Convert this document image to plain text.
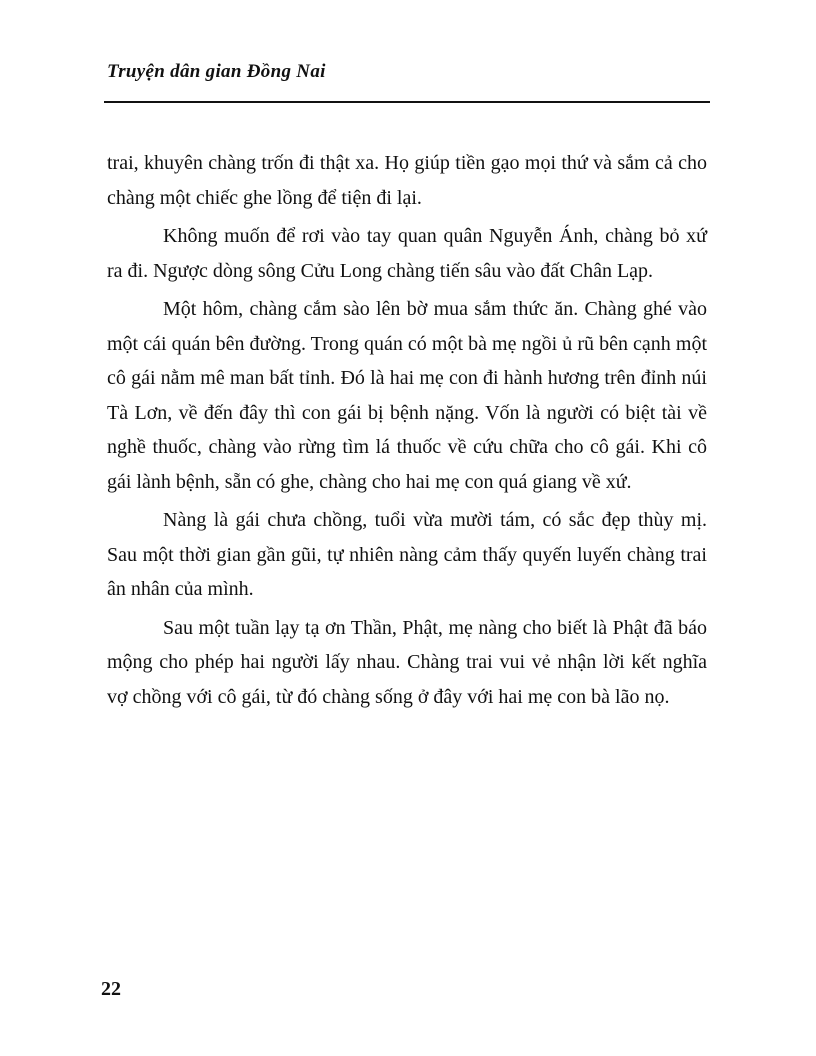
Truyện dân gian Đồng Nai

trai, khuyên chàng trốn đi thật xa. Họ giúp tiền gạo mọi thứ và sắm cả cho chàng một chiếc ghe lồng để tiện đi lại.

Không muốn để rơi vào tay quan quân Nguyễn Ánh, chàng bỏ xứ ra đi. Ngược dòng sông Cửu Long chàng tiến sâu vào đất Chân Lạp.

Một hôm, chàng cắm sào lên bờ mua sắm thức ăn. Chàng ghé vào một cái quán bên đường. Trong quán có một bà mẹ ngồi ủ rũ bên cạnh một cô gái nằm mê man bất tỉnh. Đó là hai mẹ con đi hành hương trên đỉnh núi Tà Lơn, về đến đây thì con gái bị bệnh nặng. Vốn là người có biệt tài về nghề thuốc, chàng vào rừng tìm lá thuốc về cứu chữa cho cô gái. Khi cô gái lành bệnh, sẵn có ghe, chàng cho hai mẹ con quá giang về xứ.

Nàng là gái chưa chồng, tuổi vừa mười tám, có sắc đẹp thùy mị. Sau một thời gian gần gũi, tự nhiên nàng cảm thấy quyến luyến chàng trai ân nhân của mình.

Sau một tuần lạy tạ ơn Thần, Phật, mẹ nàng cho biết là Phật đã báo mộng cho phép hai người lấy nhau. Chàng trai vui vẻ nhận lời kết nghĩa vợ chồng với cô gái, từ đó chàng sống ở đây với hai mẹ con bà lão nọ.

22
